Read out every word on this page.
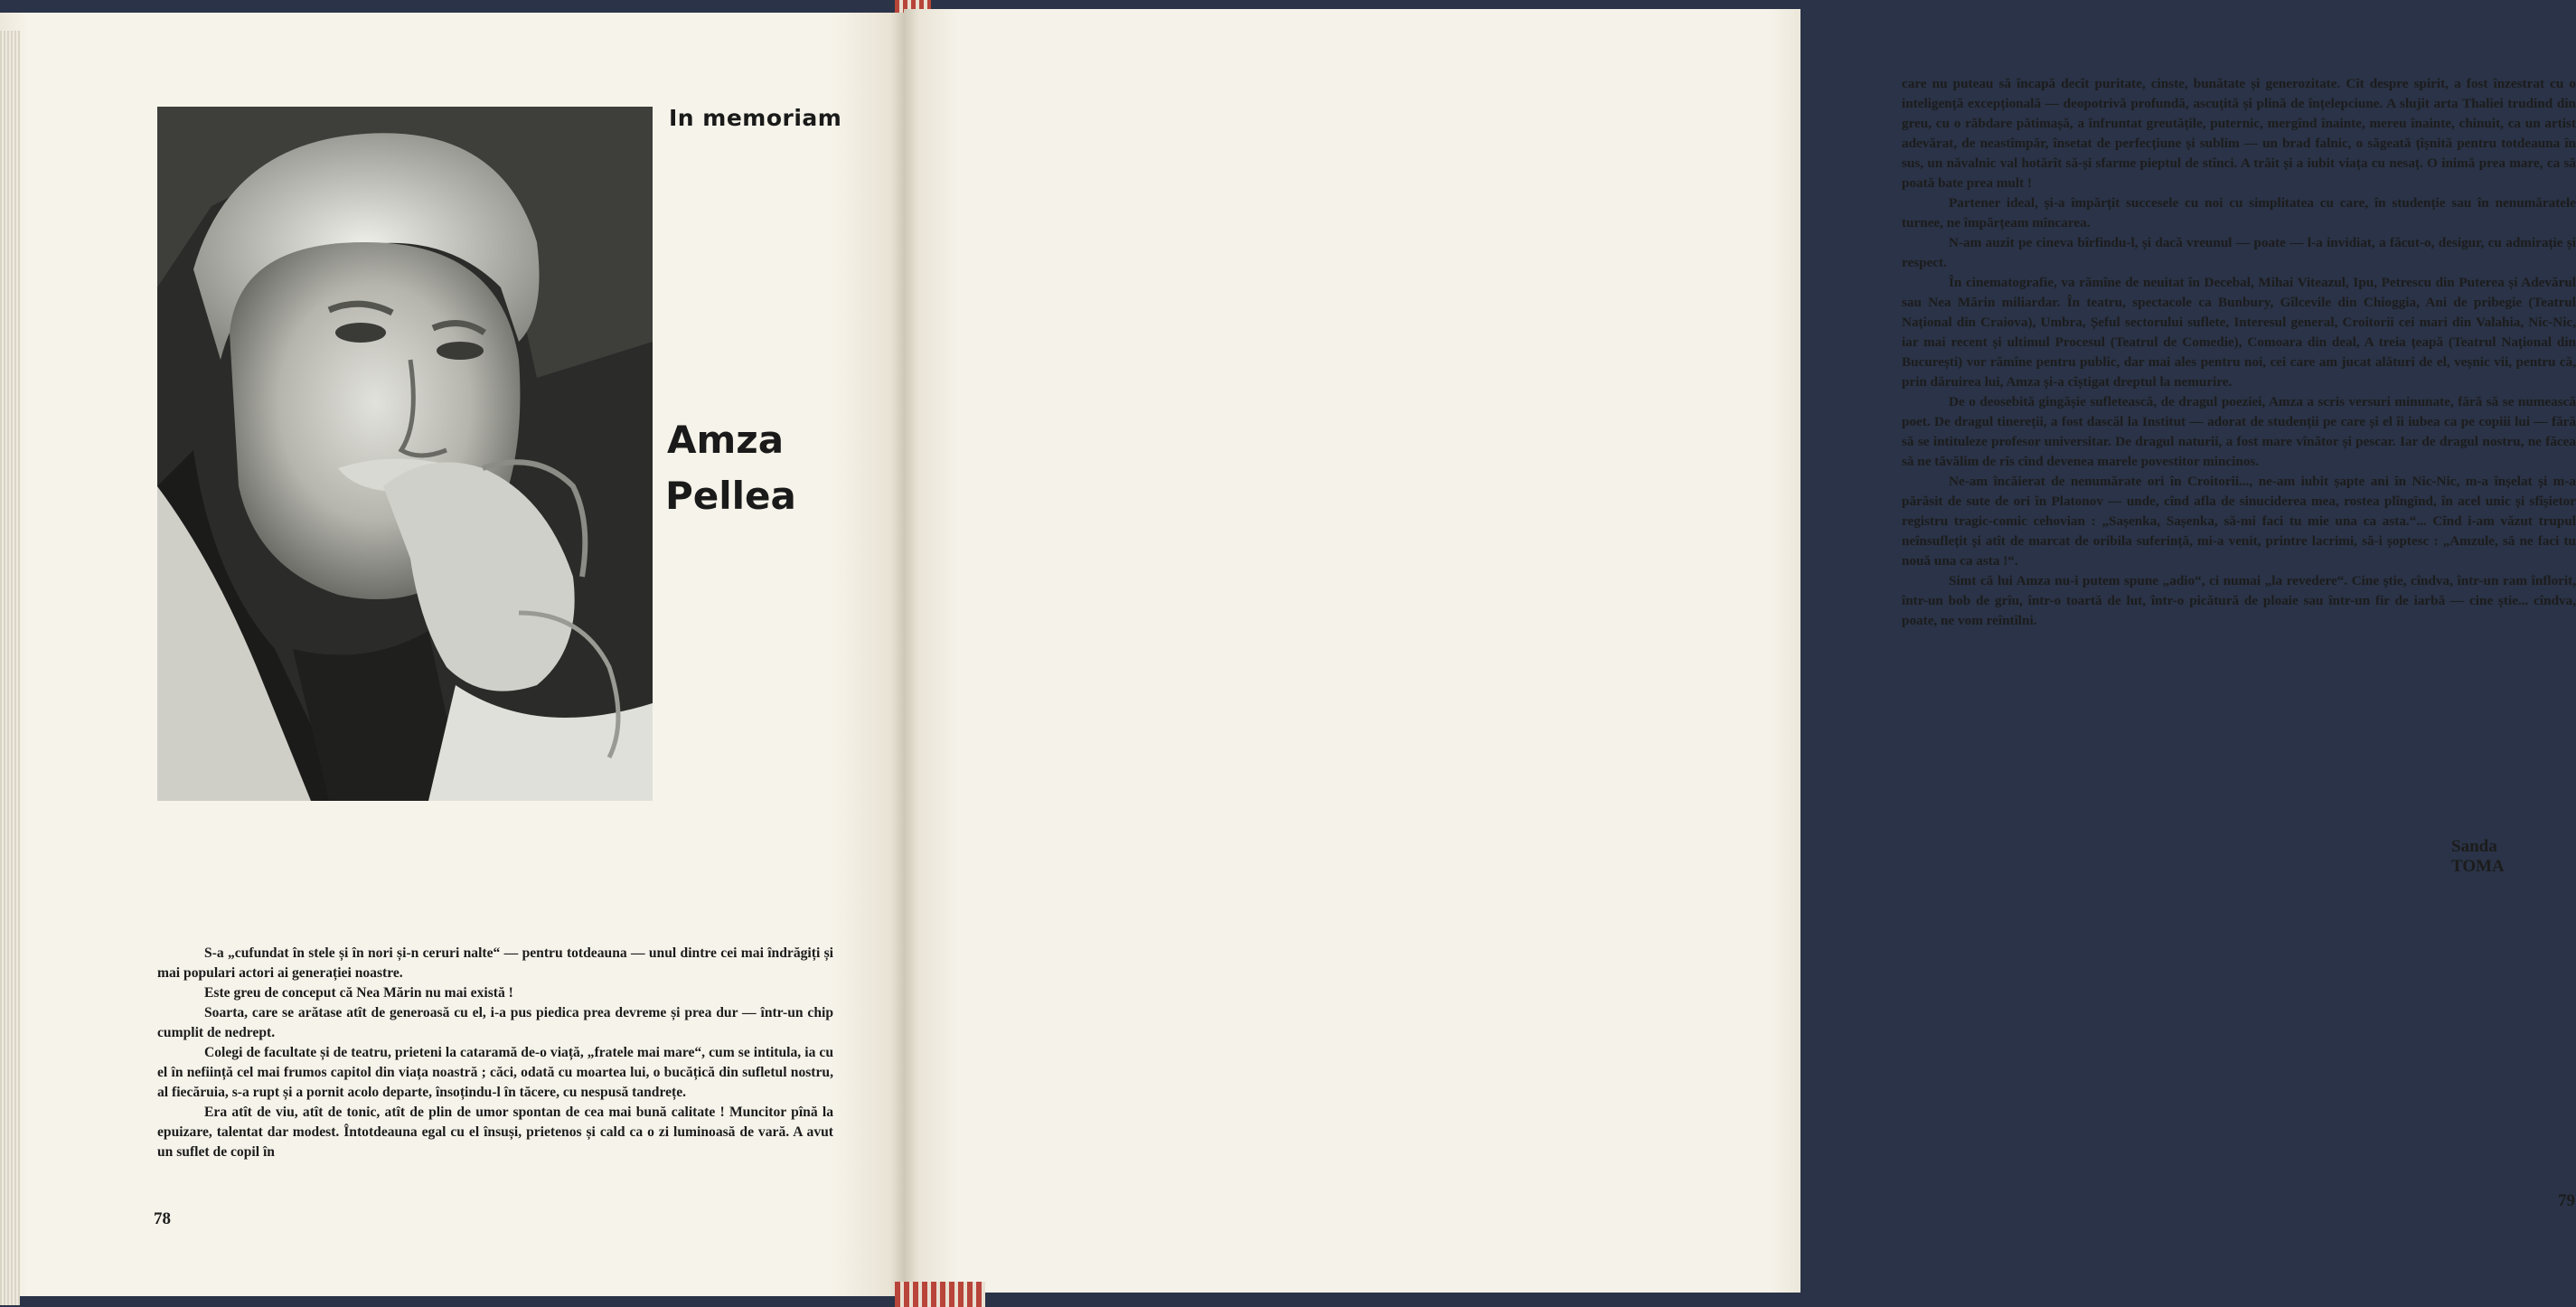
In memoriam
Amza
Pellea

S-a „cufundat în stele și în nori și-n ceruri nalte“ — pentru totdeauna — unul dintre cei mai îndrăgiți și mai populari actori ai generației noastre.

Este greu de conceput că Nea Mărin nu mai există !

Soarta, care se arătase atît de generoasă cu el, i-a pus piedica prea devreme și prea dur — într-un chip cumplit de nedrept.

Colegi de facultate și de teatru, prieteni la cataramă de-o viață, „fratele mai mare“, cum se intitula, ia cu el în neființă cel mai frumos capitol din viața noastră ; căci, odată cu moartea lui, o bucățică din sufletul nostru, al fiecăruia, s-a rupt și a pornit acolo departe, însoțindu-l în tăcere, cu nespusă tandrețe.

Era atît de viu, atît de tonic, atît de plin de umor spontan de cea mai bună calitate ! Muncitor pînă la epuizare, talentat dar modest. Întotdeauna egal cu el însuși, prietenos și cald ca o zi luminoasă de vară. A avut un suflet de copil în

78

care nu puteau să încapă decît puritate, cinste, bunătate și generozitate. Cît despre spirit, a fost înzestrat cu o inteligență excepțională — deopotrivă profundă, ascuțită și plină de înțelepciune. A slujit arta Thaliei trudind din greu, cu o răbdare pătimașă, a înfruntat greutățile, puternic, mergînd înainte, mereu înainte, chinuit, ca un artist adevărat, de neastîmpăr, însetat de perfecțiune și sublim — un brad falnic, o săgeată țîșnită pentru totdeauna în sus, un năvalnic val hotărît să-și sfarme pieptul de stînci. A trăit și a iubit viața cu nesaț. O inimă prea mare, ca să poată bate prea mult !

Partener ideal, și-a împărțit succesele cu noi cu simplitatea cu care, în studenție sau în nenumăratele turnee, ne împărțeam mîncarea.

N-am auzit pe cineva bîrfindu-l, și dacă vreunul — poate — l-a invidiat, a făcut-o, desigur, cu admirație și respect.

În cinematografie, va rămîne de neuitat în Decebal, Mihai Viteazul, Ipu, Petrescu din Puterea și Adevărul sau Nea Mărin miliardar. În teatru, spectacole ca Bunbury, Gîlcevile din Chioggia, Ani de pribegie (Teatrul Național din Craiova), Umbra, Șeful sectorului suflete, Interesul general, Croitorii cei mari din Valahia, Nic-Nic, iar mai recent și ultimul Procesul (Teatrul de Comedie), Comoara din deal, A treia țeapă (Teatrul Național din București) vor rămîne pentru public, dar mai ales pentru noi, cei care am jucat alături de el, veșnic vii, pentru că, prin dăruirea lui, Amza și-a cîștigat dreptul la nemurire.

De o deosebită gingășie sufletească, de dragul poeziei, Amza a scris versuri minunate, fără să se numească poet. De dragul tinereții, a fost dascăl la Institut — adorat de studenții pe care și el îi iubea ca pe copiii lui — fără să se intituleze profesor universitar. De dragul naturii, a fost mare vînător și pescar. Iar de dragul nostru, ne făcea să ne tăvălim de rîs cînd devenea marele povestitor mincinos.

Ne-am încăierat de nenumărate ori în Croitorii..., ne-am iubit șapte ani în Nic-Nic, m-a înșelat și m-a părăsit de sute de ori în Platonov — unde, cînd afla de sinuciderea mea, rostea plîngînd, în acel unic și sfîșietor registru tragic-comic cehovian : „Sașenka, Sașenka, să-mi faci tu mie una ca asta.“... Cînd i-am văzut trupul neînsuflețit și atît de marcat de oribila suferință, mi-a venit, printre lacrimi, să-i șoptesc : „Amzule, să ne faci tu nouă una ca asta !“.

Simt că lui Amza nu-i putem spune „adio“, ci numai „la revedere“. Cine știe, cîndva, într-un ram înflorit, într-un bob de grîu, într-o toartă de lut, într-o picătură de ploaie sau într-un fir de iarbă — cine știe... cîndva, poate, ne vom reîntîlni.

Sanda TOMA
79
